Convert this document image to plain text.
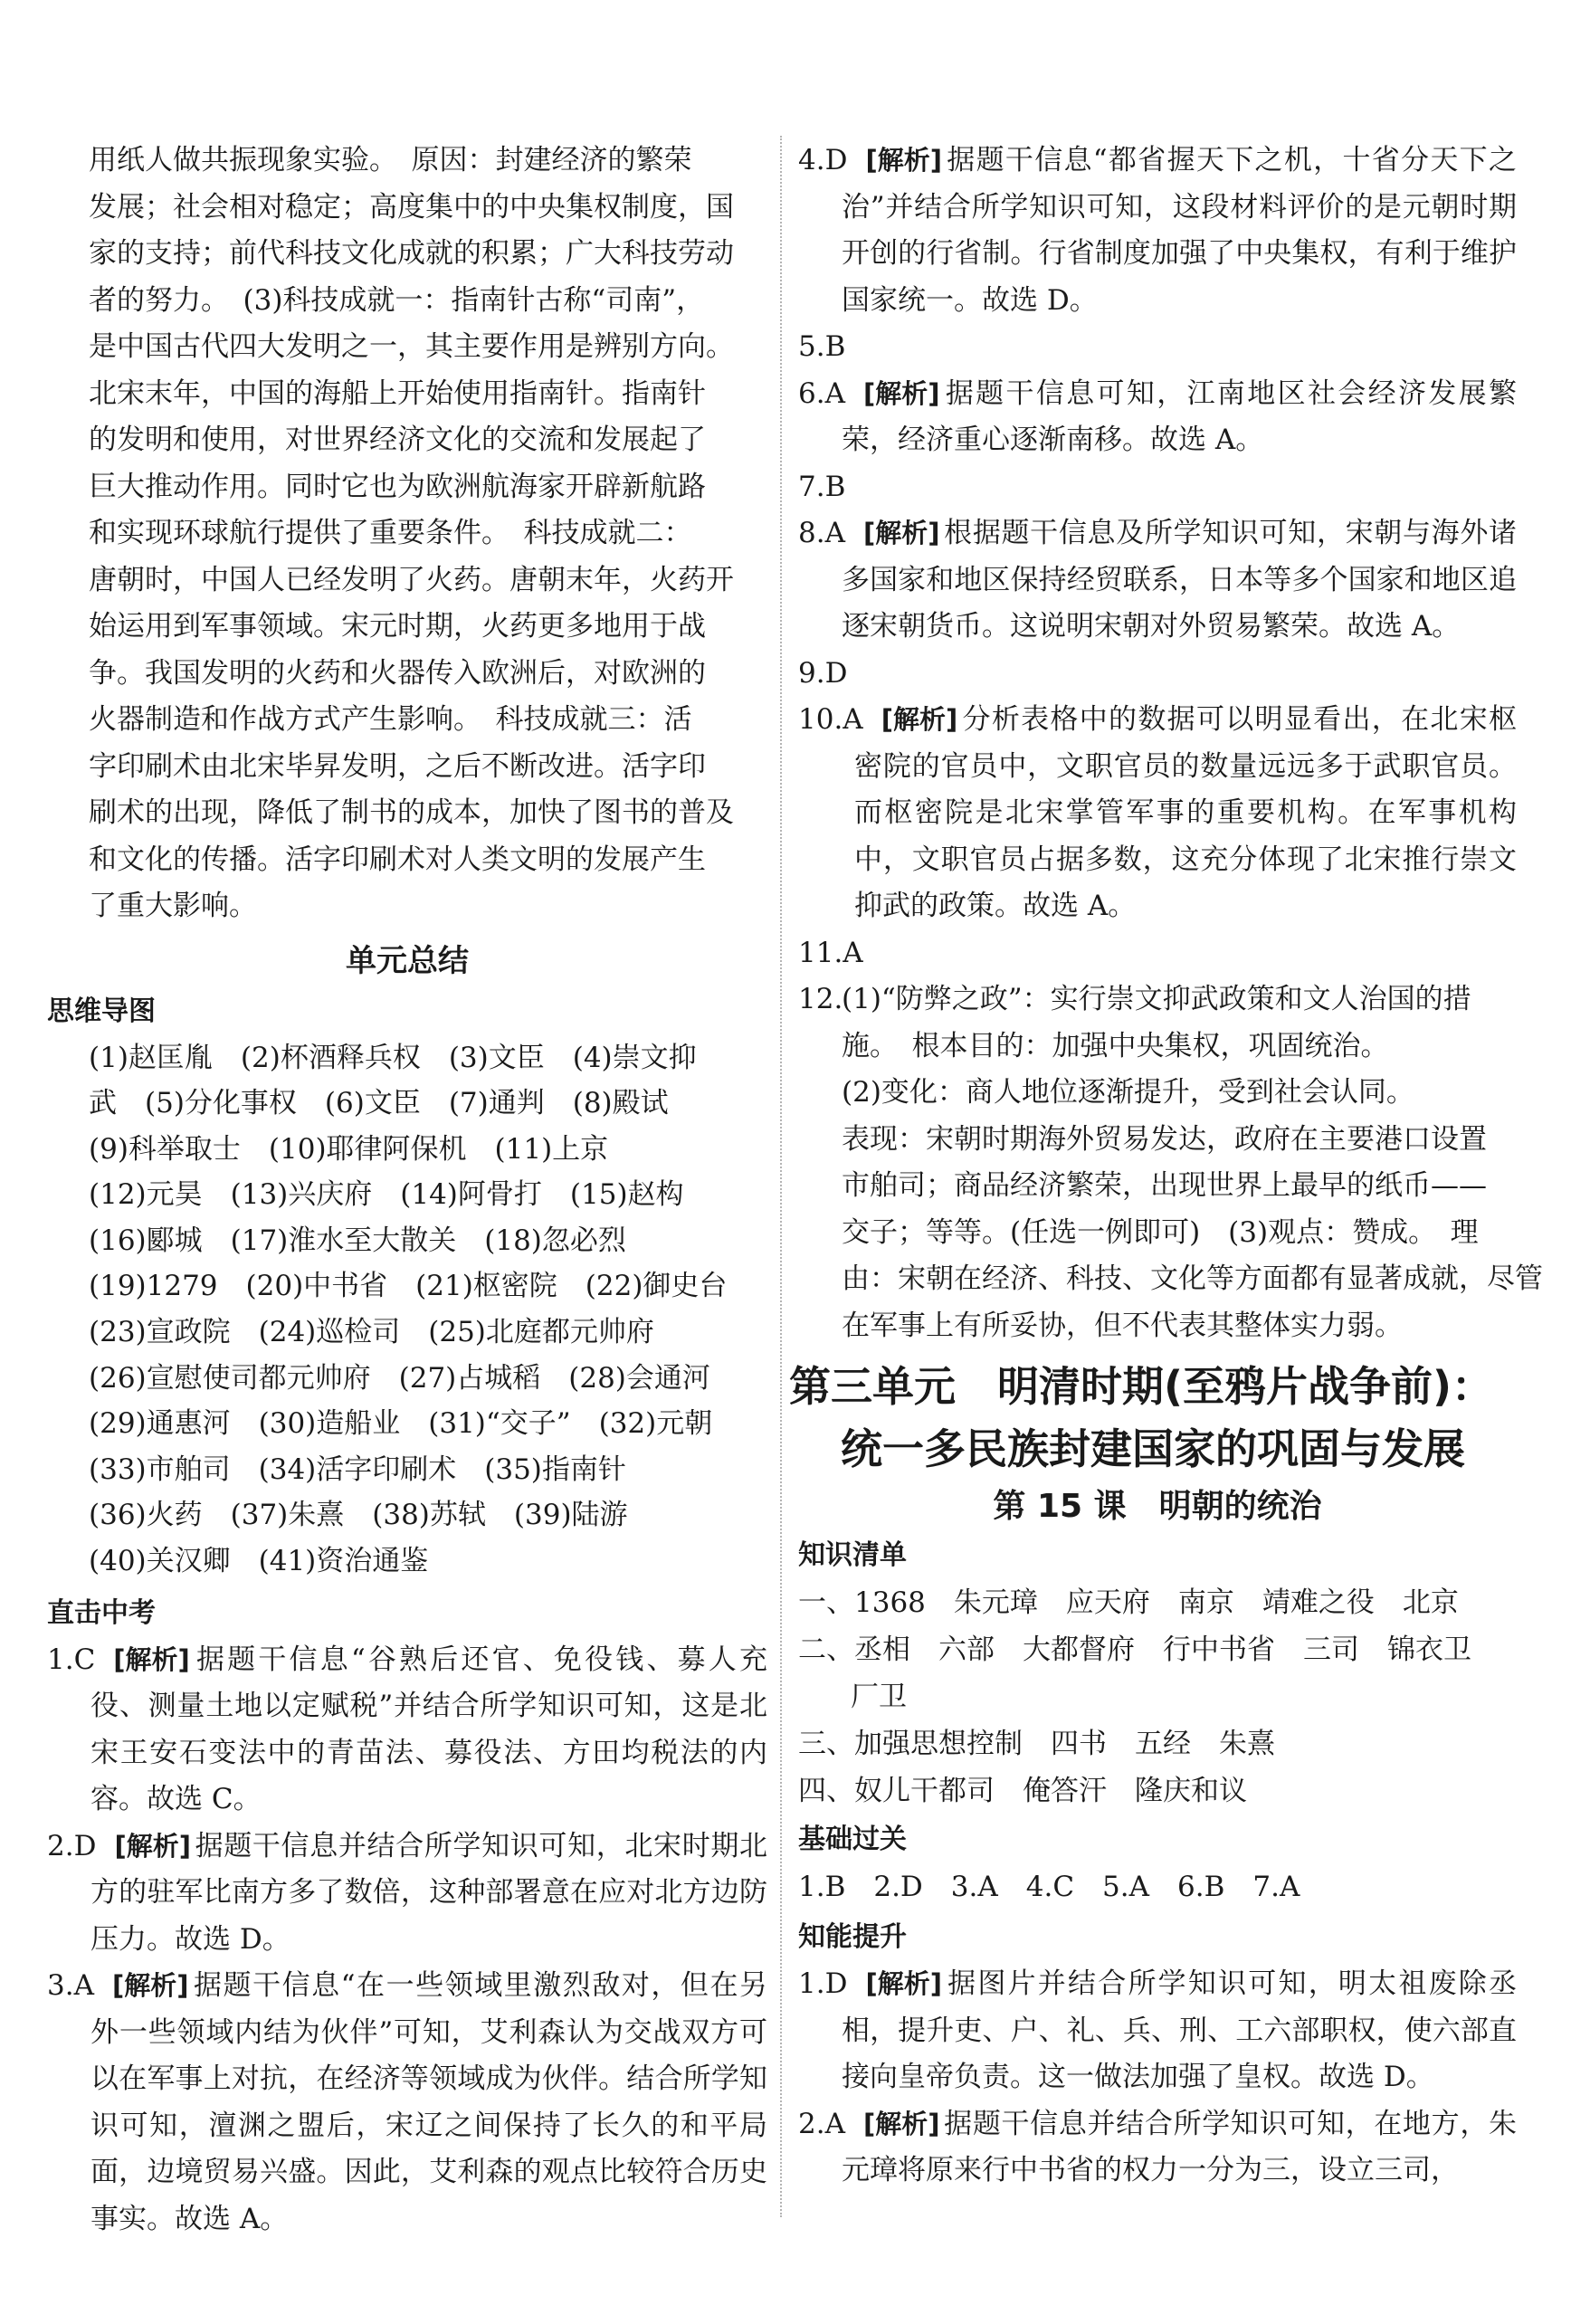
用纸人做共振现象实验。　原因：封建经济的繁荣
发展；社会相对稳定；高度集中的中央集权制度，国
家的支持；前代科技文化成就的积累；广大科技劳动
者的努力。　(3)科技成就一：指南针古称“司南”，
是中国古代四大发明之一，其主要作用是辨别方向。
北宋末年，中国的海船上开始使用指南针。指南针
的发明和使用，对世界经济文化的交流和发展起了
巨大推动作用。同时它也为欧洲航海家开辟新航路
和实现环球航行提供了重要条件。　科技成就二：
唐朝时，中国人已经发明了火药。唐朝末年，火药开
始运用到军事领域。宋元时期，火药更多地用于战
争。我国发明的火药和火器传入欧洲后，对欧洲的
火器制造和作战方式产生影响。　科技成就三：活
字印刷术由北宋毕昇发明，之后不断改进。活字印
刷术的出现，降低了制书的成本，加快了图书的普及
和文化的传播。活字印刷术对人类文明的发展产生
了重大影响。

单元总结

思维导图

(1)赵匡胤　(2)杯酒释兵权　(3)文臣　(4)崇文抑
武　(5)分化事权　(6)文臣　(7)通判　(8)殿试
(9)科举取士　(10)耶律阿保机　(11)上京
(12)元昊　(13)兴庆府　(14)阿骨打　(15)赵构
(16)郾城　(17)淮水至大散关　(18)忽必烈
(19)1279　(20)中书省　(21)枢密院　(22)御史台
(23)宣政院　(24)巡检司　(25)北庭都元帅府
(26)宣慰使司都元帅府　(27)占城稻　(28)会通河
(29)通惠河　(30)造船业　(31)“交子”　(32)元朝
(33)市舶司　(34)活字印刷术　(35)指南针
(36)火药　(37)朱熹　(38)苏轼　(39)陆游
(40)关汉卿　(41)资治通鉴

直击中考

1.C [解析] 据题干信息“谷熟后还官、免役钱、募人充役、测量土地以定赋税”并结合所学知识可知，这是北宋王安石变法中的青苗法、募役法、方田均税法的内容。故选 C。
2.D [解析] 据题干信息并结合所学知识可知，北宋时期北方的驻军比南方多了数倍，这种部署意在应对北方边防压力。故选 D。
3.A [解析] 据题干信息“在一些领域里激烈敌对，但在另外一些领域内结为伙伴”可知，艾利森认为交战双方可以在军事上对抗，在经济等领域成为伙伴。结合所学知识可知，澶渊之盟后，宋辽之间保持了长久的和平局面，边境贸易兴盛。因此，艾利森的观点比较符合历史事实。故选 A。
4.D [解析] 据题干信息“都省握天下之机，十省分天下之治”并结合所学知识可知，这段材料评价的是元朝时期开创的行省制。行省制度加强了中央集权，有利于维护国家统一。故选 D。
5.B
6.A [解析] 据题干信息可知，江南地区社会经济发展繁荣，经济重心逐渐南移。故选 A。
7.B
8.A [解析] 根据题干信息及所学知识可知，宋朝与海外诸多国家和地区保持经贸联系，日本等多个国家和地区追逐宋朝货币。这说明宋朝对外贸易繁荣。故选 A。
9.D
10.A [解析] 分析表格中的数据可以明显看出，在北宋枢密院的官员中，文职官员的数量远远多于武职官员。而枢密院是北宋掌管军事的重要机构。在军事机构中，文职官员占据多数，这充分体现了北宋推行崇文抑武的政策。故选 A。
11.A
12.
(1)“防弊之政”：实行崇文抑武政策和文人治国的措
施。　根本目的：加强中央集权，巩固统治。
(2)变化：商人地位逐渐提升，受到社会认同。
表现：宋朝时期海外贸易发达，政府在主要港口设置
市舶司；商品经济繁荣，出现世界上最早的纸币——
交子；等等。(任选一例即可)　(3)观点：赞成。　理
由：宋朝在经济、科技、文化等方面都有显著成就，尽管
在军事上有所妥协，但不代表其整体实力弱。

第三单元　明清时期(至鸦片战争前)：

统一多民族封建国家的巩固与发展

第 15 课　明朝的统治

知识清单

一、1368　朱元璋　应天府　南京　靖难之役　北京
二、丞相　六部　大都督府　行中书省　三司　锦衣卫
厂卫
三、加强思想控制　四书　五经　朱熹
四、奴儿干都司　俺答汗　隆庆和议

基础过关

1.B　2.D　3.A　4.C　5.A　6.B　7.A

知能提升

1.D [解析] 据图片并结合所学知识可知，明太祖废除丞相，提升吏、户、礼、兵、刑、工六部职权，使六部直接向皇帝负责。这一做法加强了皇权。故选 D。
2.A [解析] 据题干信息并结合所学知识可知，在地方，朱元璋将原来行中书省的权力一分为三，设立三司，
